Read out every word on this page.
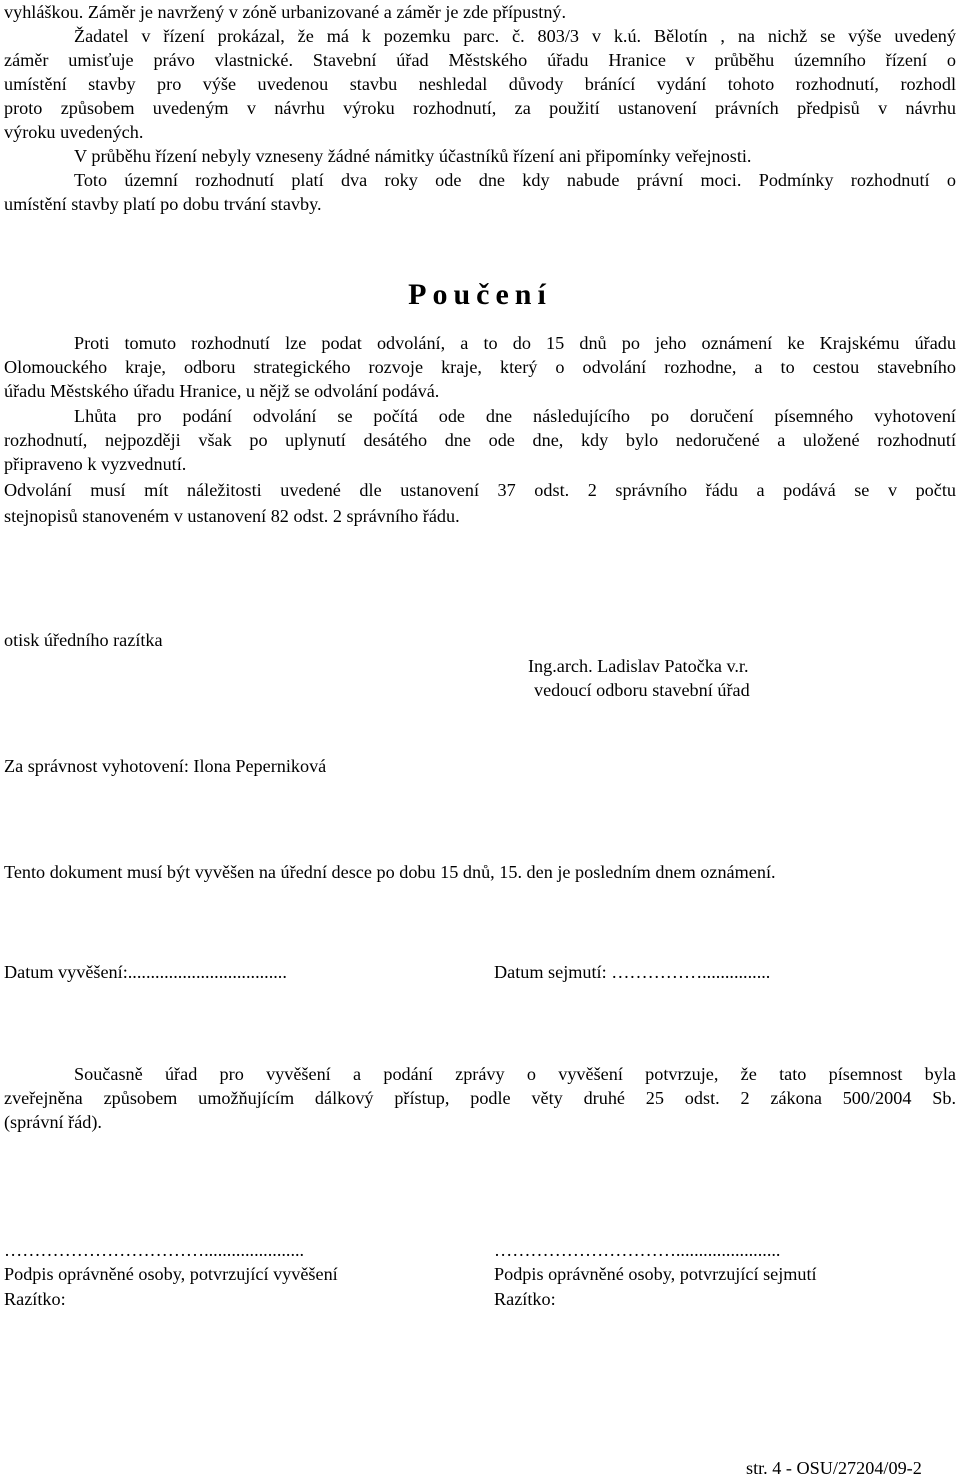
vyhláškou. Záměr je navržený v zóně urbanizované a záměr je zde přípustný.
Žadatel v řízení prokázal, že má k pozemku parc. č. 803/3 v k.ú. Bělotín , na nichž se výše uvedený
záměr umisťuje právo vlastnické. Stavební úřad Městského úřadu Hranice v průběhu územního řízení o
umístění stavby pro výše uvedenou stavbu neshledal důvody bránící vydání tohoto rozhodnutí, rozhodl
proto způsobem uvedeným v návrhu výroku rozhodnutí, za použití ustanovení právních předpisů v návrhu
výroku uvedených.
V průběhu řízení nebyly vzneseny žádné námitky účastníků řízení ani připomínky veřejnosti.
Toto územní rozhodnutí platí dva roky ode dne kdy nabude právní moci. Podmínky rozhodnutí o
umístění stavby platí po dobu trvání stavby.
Poučení
Proti tomuto rozhodnutí lze podat odvolání, a to do 15 dnů po jeho oznámení ke Krajskému úřadu
Olomouckého kraje, odboru strategického rozvoje kraje, který o odvolání rozhodne, a to cestou stavebního
úřadu Městského úřadu Hranice, u nějž se odvolání podává.
Lhůta pro podání odvolání se počítá ode dne následujícího po doručení písemného vyhotovení
rozhodnutí, nejpozději však po uplynutí desátého dne ode dne, kdy bylo nedoručené a uložené rozhodnutí
připraveno k vyzvednutí.
Odvolání musí mít náležitosti uvedené dle ustanovení 37 odst. 2 správního řádu a podává se v počtu
stejnopisů stanoveném v ustanovení 82 odst. 2 správního řádu.
otisk úředního razítka
Ing.arch. Ladislav Patočka v.r.
vedoucí odboru stavební úřad
Za správnost vyhotovení: Ilona Peperniková
Tento dokument musí být vyvěšen na úřední desce po dobu 15 dnů, 15. den je posledním dnem oznámení.
Datum vyvěšení:...................................	Datum sejmutí: ……………...............
Současně úřad pro vyvěšení a podání zprávy o vyvěšení potvrzuje, že tato písemnost byla
zveřejněna způsobem umožňujícím dálkový přístup, podle věty druhé 25 odst. 2 zákona 500/2004 Sb.
(správní řád).
……………………………......................
Podpis oprávněné osoby, potvrzující vyvěšení
Razítko:
………………………….......................
Podpis oprávněné osoby, potvrzující sejmutí
Razítko:
str. 4 - OSU/27204/09-2
